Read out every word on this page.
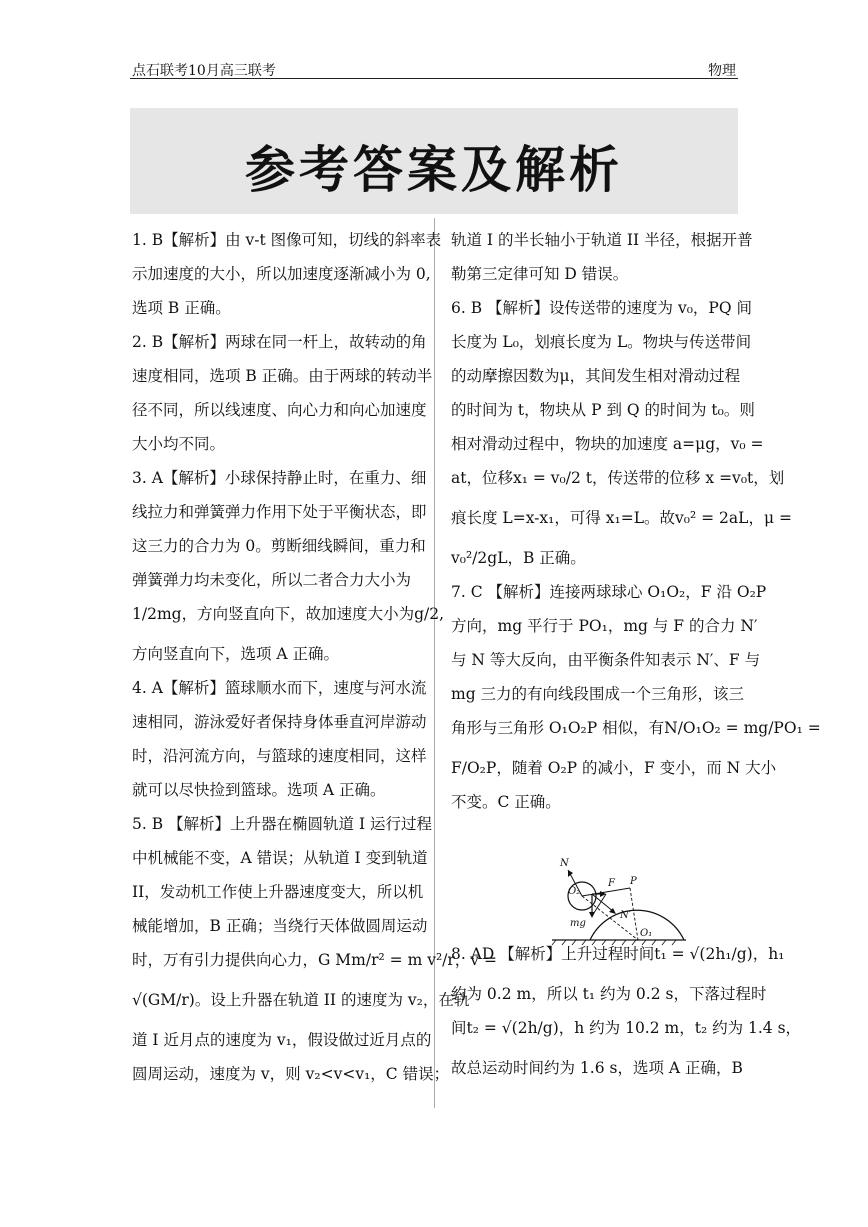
点石联考10月高三联考	物理
参考答案及解析
1. B【解析】由 v-t 图像可知，切线的斜率表
示加速度的大小，所以加速度逐渐减小为 0,
选项 B 正确。
2. B【解析】两球在同一杆上，故转动的角
速度相同，选项 B 正确。由于两球的转动半
径不同，所以线速度、向心力和向心加速度
大小均不同。
3. A【解析】小球保持静止时，在重力、细
线拉力和弹簧弹力作用下处于平衡状态，即
这三力的合力为 0。剪断细线瞬间，重力和
弹簧弹力均未变化，所以二者合力大小为
1/2mg，方向竖直向下，故加速度大小为g/2,
方向竖直向下，选项 A 正确。
4. A【解析】篮球顺水而下，速度与河水流
速相同，游泳爱好者保持身体垂直河岸游动
时，沿河流方向，与篮球的速度相同，这样
就可以尽快捡到篮球。选项 A 正确。
5. B 【解析】上升器在椭圆轨道 I 运行过程
中机械能不变，A 错误；从轨道 I 变到轨道
II，发动机工作使上升器速度变大，所以机
械能增加，B 正确；当绕行天体做圆周运动
时，万有引力提供向心力，G Mm/r² = m v²/r，v =
√(GM/r)。设上升器在轨道 II 的速度为 v₂，在轨
道 I 近月点的速度为 v₁，假设做过近月点的
圆周运动，速度为 v，则 v₂<v<v₁，C 错误；
轨道 I 的半长轴小于轨道 II 半径，根据开普
勒第三定律可知 D 错误。
6. B 【解析】设传送带的速度为 v₀，PQ 间
长度为 L₀，划痕长度为 L。物块与传送带间
的动摩擦因数为μ，其间发生相对滑动过程
的时间为 t，物块从 P 到 Q 的时间为 t₀。则
相对滑动过程中，物块的加速度 a=μg，v₀ =
at，位移x₁ = v₀/2 t，传送带的位移 x =v₀t，划
痕长度 L=x-x₁，可得 x₁=L。故v₀² = 2aL，μ =
v₀²/2gL，B 正确。
7. C 【解析】连接两球球心 O₁O₂，F 沿 O₂P
方向，mg 平行于 PO₁，mg 与 F 的合力 N′
与 N 等大反向，由平衡条件知表示 N′、F 与
mg 三力的有向线段围成一个三角形，该三
角形与三角形 O₁O₂P 相似，有N/O₁O₂ = mg/PO₁ =
F/O₂P，随着 O₂P 的减小，F 变小，而 N 大小
不变。C 正确。
8. AD 【解析】上升过程时间t₁ = √(2h₁/g)，h₁
约为 0.2 m，所以 t₁ 约为 0.2 s，下落过程时
间t₂ = √(2h/g)，h 约为 10.2 m，t₂ 约为 1.4 s，
故总运动时间约为 1.6 s，选项 A 正确，B
N
O₂
F P
N′
mg
O₁
